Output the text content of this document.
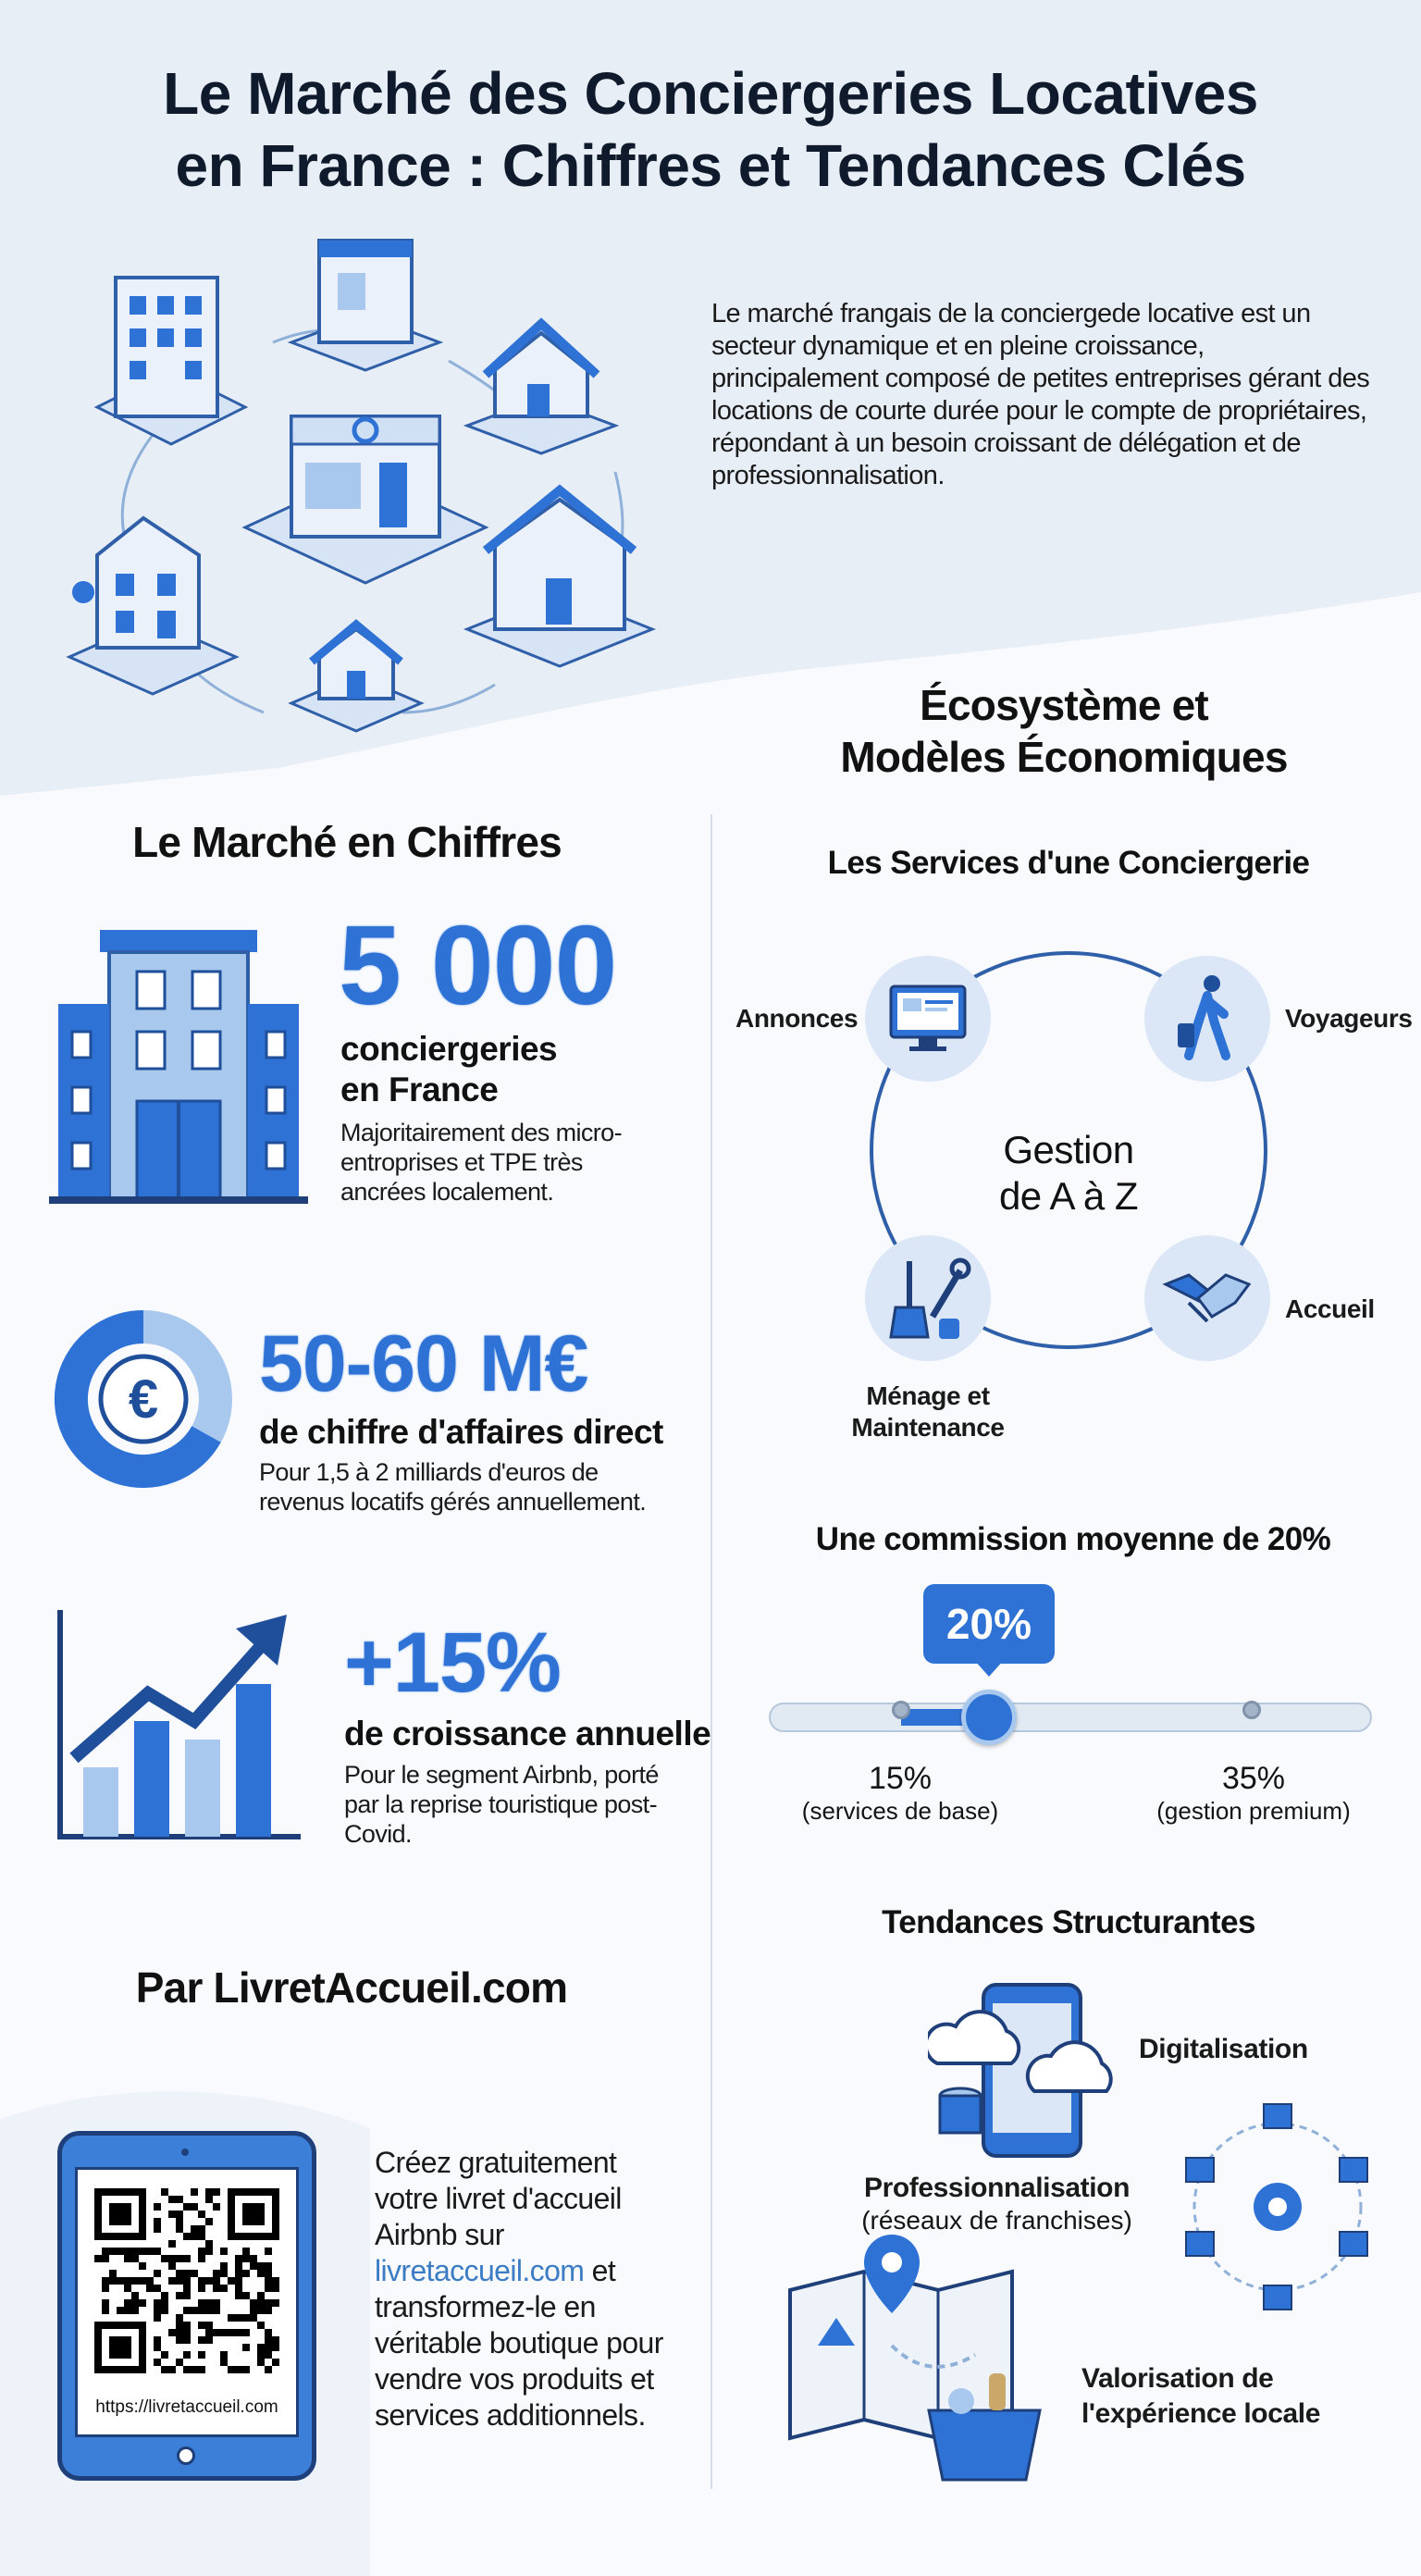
Le Marché des Conciergeries Locatives
en France : Chiffres et Tendances Clés
Le marché frangais de la conciergede locative est un secteur dynamique et en pleine croissance, principalement composé de petites entreprises gérant des locations de courte durée pour le compte de propriétaires, répondant à un besoin croissant de délégation et de professionnalisation.
Le Marché en Chiffres
5 000
conciergeries
en France
Majoritairement des micro-entroprises et TPE très ancrées localement.
€ 50-60 M€
de chiffre d'affaires direct
Pour 1,5 à 2 milliards d'euros de revenus locatifs gérés annuellement.
+15%
de croissance annuelle
Pour le segment Airbnb, porté par la reprise touristique post-Covid.
Par LivretAccueil.com
https://livretaccueil.com
Créez gratuitement votre livret d'accueil Airbnb sur livretaccueil.com et transformez-le en véritable boutique pour vendre vos produits et services additionnels.
Écosystème et
Modèles Économiques
Les Services d'une Conciergerie
Gestion
de A à Z
Annonces	Voyageurs
Accueil
Ménage et
Maintenance
Une commission moyenne de 20%
20%
15%
(services de base)
35%
(gestion premium)
Tendances Structurantes
Digitalisation
Professionnalisation
(réseaux de franchises)
Valorisation de
l'expérience locale
